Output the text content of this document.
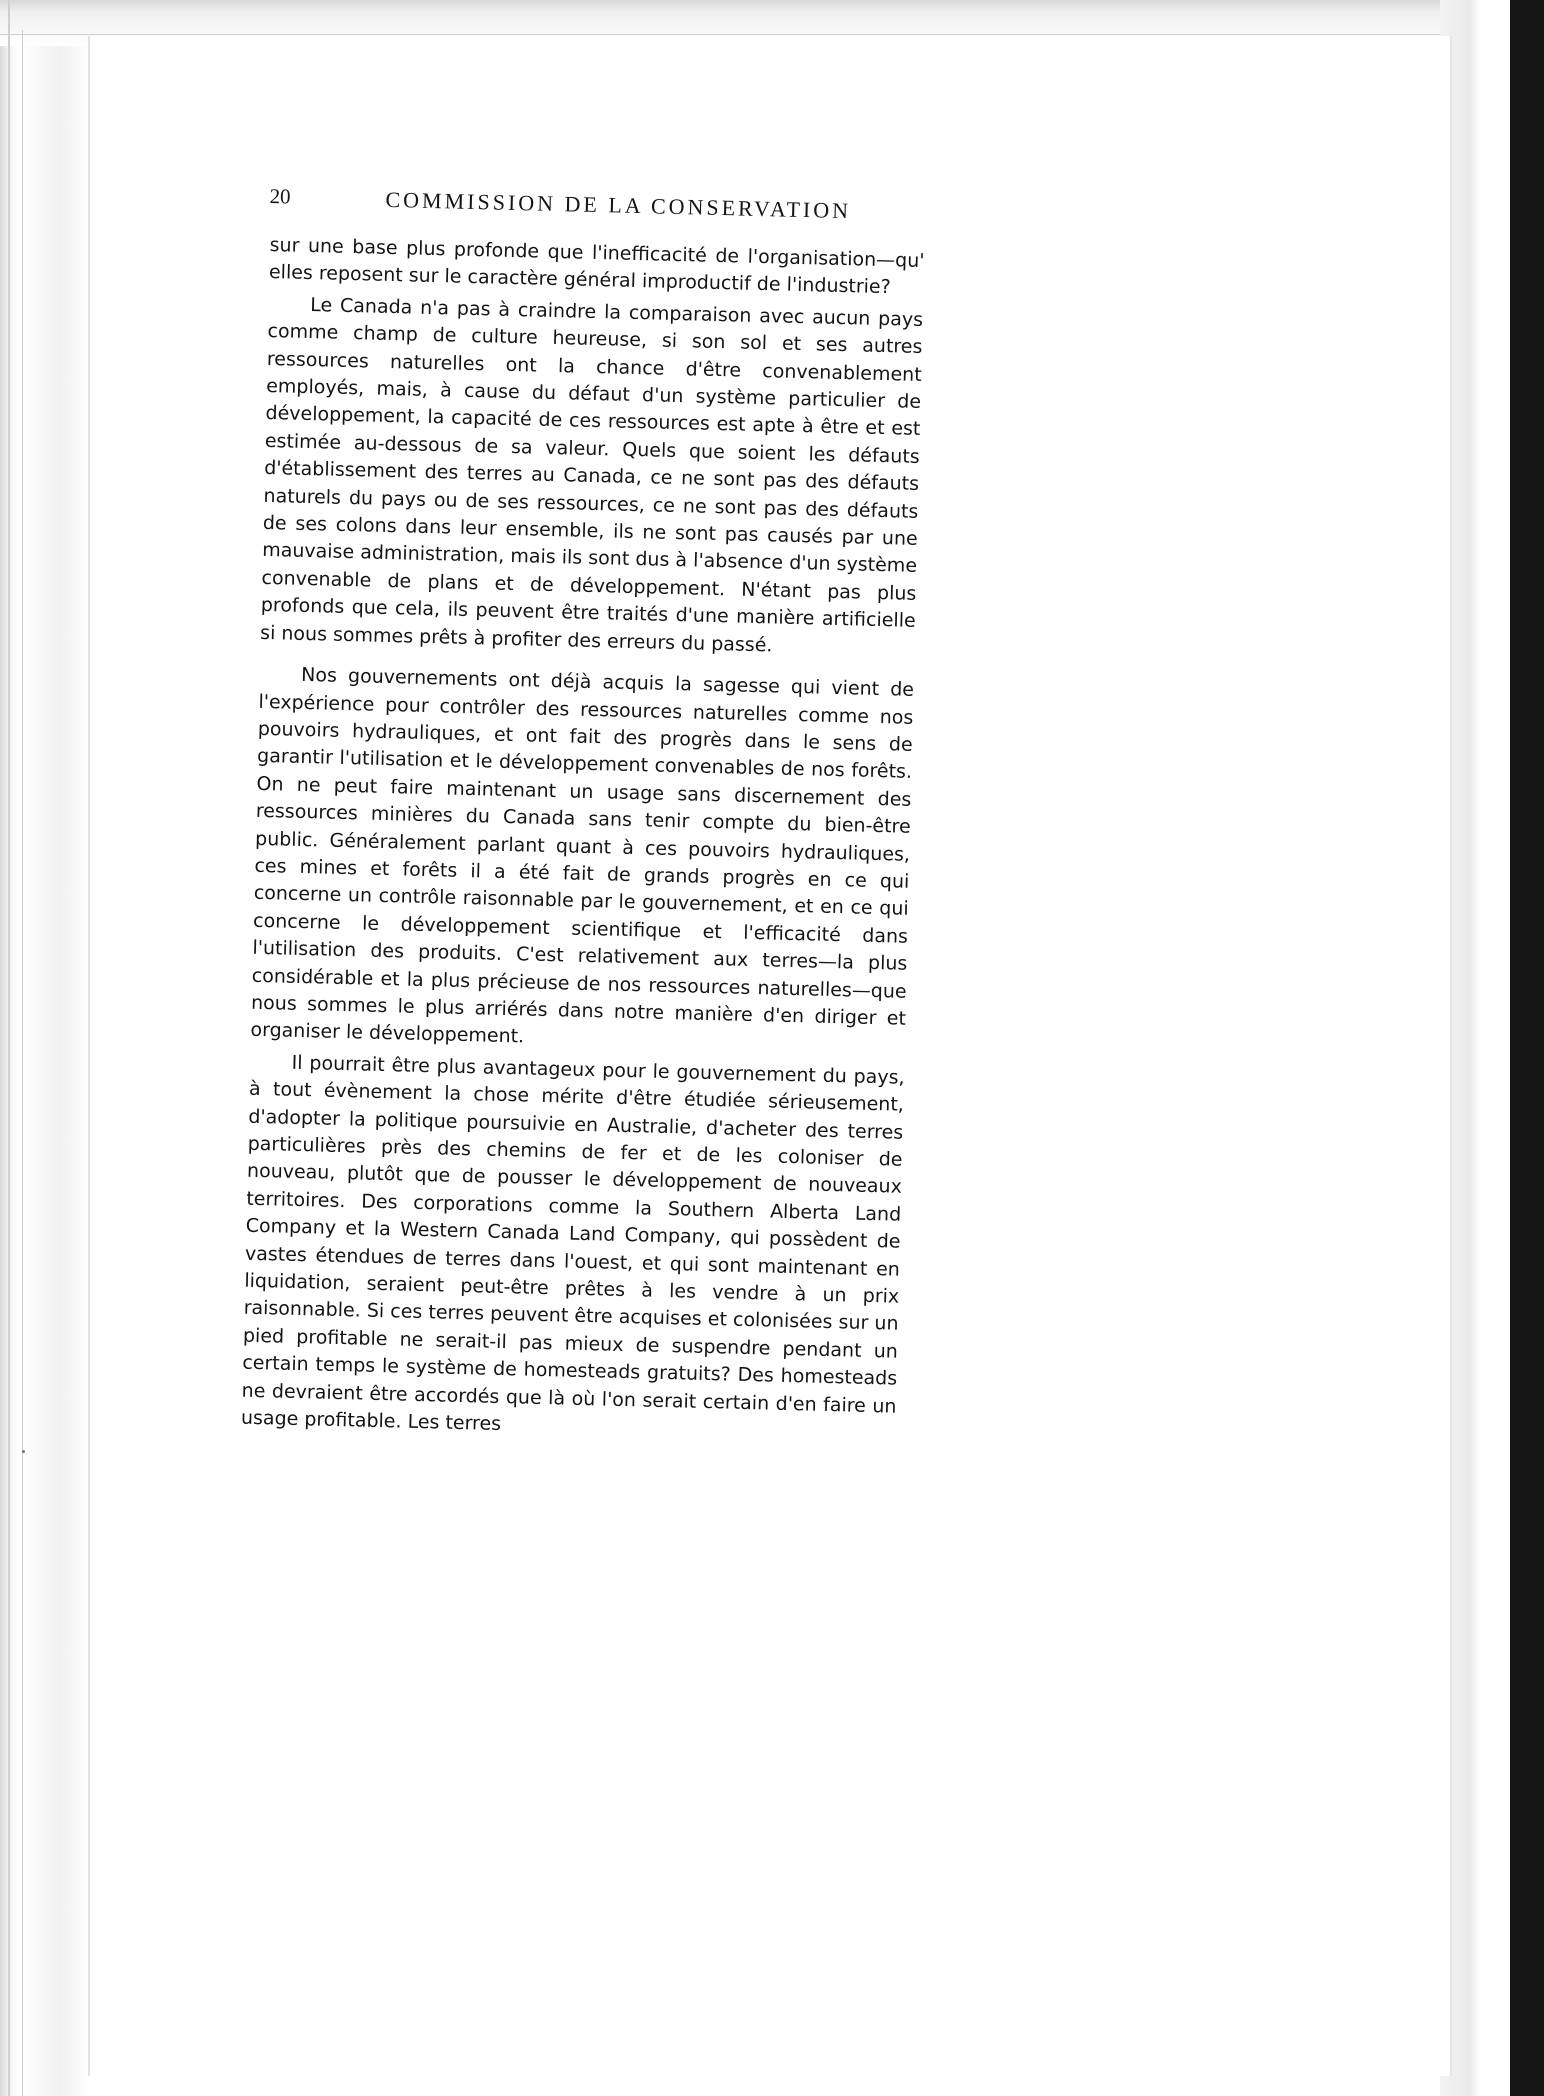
20	COMMISSION DE LA CONSERVATION

sur une base plus profonde que l'inefficacité de l'organisation—qu' elles reposent sur le caractère général improductif de l'industrie?

Le Canada n'a pas à craindre la comparaison avec aucun pays comme champ de culture heureuse, si son sol et ses autres ressources naturelles ont la chance d'être convenablement employés, mais, à cause du défaut d'un système particulier de développement, la capacité de ces ressources est apte à être et est estimée au-dessous de sa valeur. Quels que soient les défauts d'établissement des terres au Canada, ce ne sont pas des défauts naturels du pays ou de ses ressources, ce ne sont pas des défauts de ses colons dans leur ensemble, ils ne sont pas causés par une mauvaise administration, mais ils sont dus à l'absence d'un système convenable de plans et de développement. N'étant pas plus profonds que cela, ils peuvent être traités d'une manière artificielle si nous sommes prêts à profiter des erreurs du passé.

Nos gouvernements ont déjà acquis la sagesse qui vient de l'expérience pour contrôler des ressources naturelles comme nos pouvoirs hydrauliques, et ont fait des progrès dans le sens de garantir l'utilisation et le développement convenables de nos forêts. On ne peut faire maintenant un usage sans discernement des ressources minières du Canada sans tenir compte du bien-être public. Généralement parlant quant à ces pouvoirs hydrauliques, ces mines et forêts il a été fait de grands progrès en ce qui concerne un contrôle raisonnable par le gouvernement, et en ce qui concerne le développement scientifique et l'efficacité dans l'utilisation des produits. C'est relativement aux terres—la plus considérable et la plus précieuse de nos ressources naturelles—que nous sommes le plus arriérés dans notre manière d'en diriger et organiser le développement.

Il pourrait être plus avantageux pour le gouvernement du pays, à tout évènement la chose mérite d'être étudiée sérieusement, d'adopter la politique poursuivie en Australie, d'acheter des terres particulières près des chemins de fer et de les coloniser de nouveau, plutôt que de pousser le développement de nouveaux territoires. Des corporations comme la Southern Alberta Land Company et la Western Canada Land Company, qui possèdent de vastes étendues de terres dans l'ouest, et qui sont maintenant en liquidation, seraient peut-être prêtes à les vendre à un prix raisonnable. Si ces terres peuvent être acquises et colonisées sur un pied profitable ne serait-il pas mieux de suspendre pendant un certain temps le système de homesteads gratuits? Des homesteads ne devraient être accordés que là où l'on serait certain d'en faire un usage profitable. Les terres
